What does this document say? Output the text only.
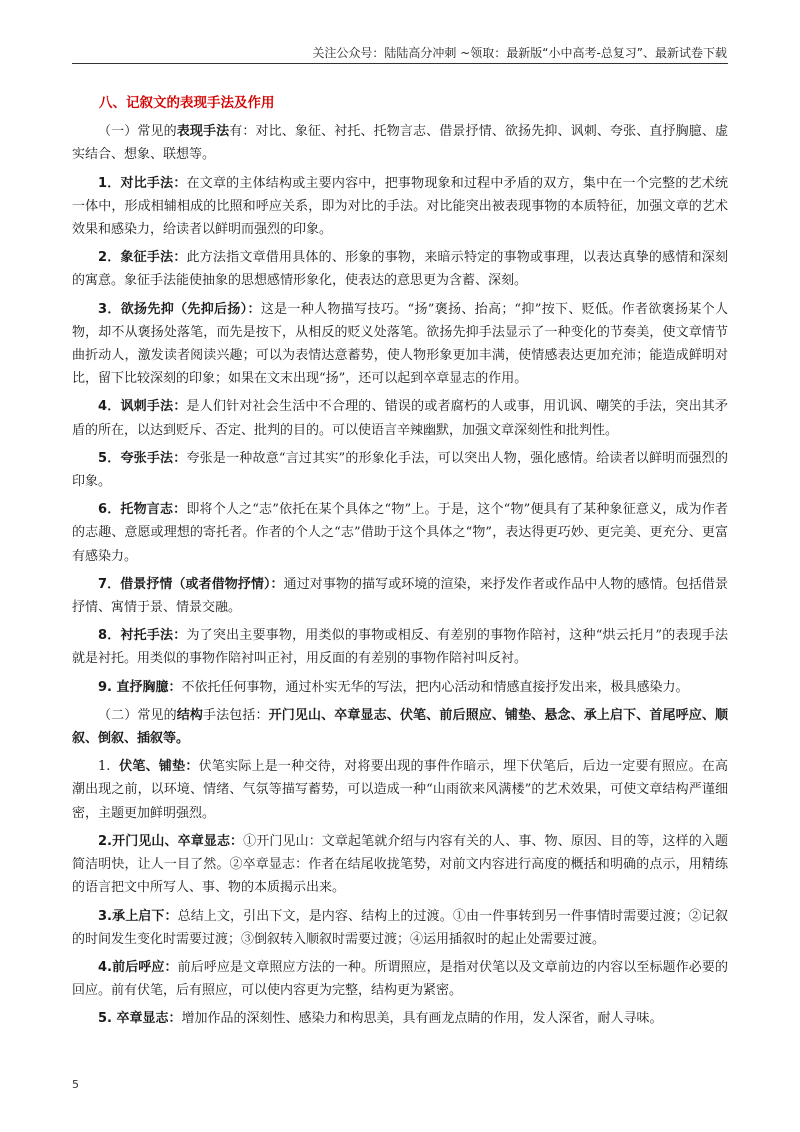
关注公众号：陆陆高分冲刺 ~领取：最新版“小中高考-总复习”、最新试卷下载

八、记叙文的表现手法及作用

（一）常见的表现手法有：对比、象征、衬托、托物言志、借景抒情、欲扬先抑、讽刺、夸张、直抒胸臆、虚实结合、想象、联想等。

1．对比手法：在文章的主体结构或主要内容中，把事物现象和过程中矛盾的双方，集中在一个完整的艺术统一体中，形成相辅相成的比照和呼应关系，即为对比的手法。对比能突出被表现事物的本质特征，加强文章的艺术效果和感染力，给读者以鲜明而强烈的印象。

2．象征手法：此方法指文章借用具体的、形象的事物，来暗示特定的事物或事理，以表达真挚的感情和深刻的寓意。象征手法能使抽象的思想感情形象化，使表达的意思更为含蓄、深刻。

3．欲扬先抑（先抑后扬）：这是一种人物描写技巧。“扬”褒扬、抬高；“抑”按下、贬低。作者欲褒扬某个人物，却不从褒扬处落笔，而先是按下，从相反的贬义处落笔。欲扬先抑手法显示了一种变化的节奏美，使文章情节曲折动人，激发读者阅读兴趣；可以为表情达意蓄势，使人物形象更加丰满，使情感表达更加充沛；能造成鲜明对比，留下比较深刻的印象；如果在文末出现“扬”，还可以起到卒章显志的作用。

4．讽刺手法：是人们针对社会生活中不合理的、错误的或者腐朽的人或事，用讥讽、嘲笑的手法，突出其矛盾的所在，以达到贬斥、否定、批判的目的。可以使语言辛辣幽默，加强文章深刻性和批判性。

5．夸张手法：夸张是一种故意“言过其实”的形象化手法，可以突出人物，强化感情。给读者以鲜明而强烈的印象。

6．托物言志：即将个人之“志”依托在某个具体之“物”上。于是，这个“物”便具有了某种象征意义，成为作者的志趣、意愿或理想的寄托者。作者的个人之“志”借助于这个具体之“物”，表达得更巧妙、更完美、更充分、更富有感染力。

7．借景抒情（或者借物抒情）：通过对事物的描写或环境的渲染，来抒发作者或作品中人物的感情。包括借景抒情、寓情于景、情景交融。

8．衬托手法：为了突出主要事物，用类似的事物或相反、有差别的事物作陪衬，这种“烘云托月”的表现手法就是衬托。用类似的事物作陪衬叫正衬，用反面的有差别的事物作陪衬叫反衬。

9. 直抒胸臆：不依托任何事物，通过朴实无华的写法，把内心活动和情感直接抒发出来，极具感染力。

（二）常见的结构手法包括：开门见山、卒章显志、伏笔、前后照应、铺垫、悬念、承上启下、首尾呼应、顺叙、倒叙、插叙等。

1. 伏笔、铺垫：伏笔实际上是一种交待，对将要出现的事件作暗示，埋下伏笔后，后边一定要有照应。在高潮出现之前，以环境、情绪、气氛等描写蓄势，可以造成一种“山雨欲来风满楼”的艺术效果，可使文章结构严谨细密，主题更加鲜明强烈。

2.开门见山、卒章显志：①开门见山：文章起笔就介绍与内容有关的人、事、物、原因、目的等，这样的入题简洁明快，让人一目了然。②卒章显志：作者在结尾收拢笔势，对前文内容进行高度的概括和明确的点示，用精练的语言把文中所写人、事、物的本质揭示出来。

3.承上启下：总结上文，引出下文，是内容、结构上的过渡。①由一件事转到另一件事情时需要过渡；②记叙的时间发生变化时需要过渡；③倒叙转入顺叙时需要过渡；④运用插叙时的起止处需要过渡。

4.前后呼应：前后呼应是文章照应方法的一种。所谓照应，是指对伏笔以及文章前边的内容以至标题作必要的回应。前有伏笔，后有照应，可以使内容更为完整，结构更为紧密。

5. 卒章显志：增加作品的深刻性、感染力和构思美，具有画龙点睛的作用，发人深省，耐人寻味。

5
